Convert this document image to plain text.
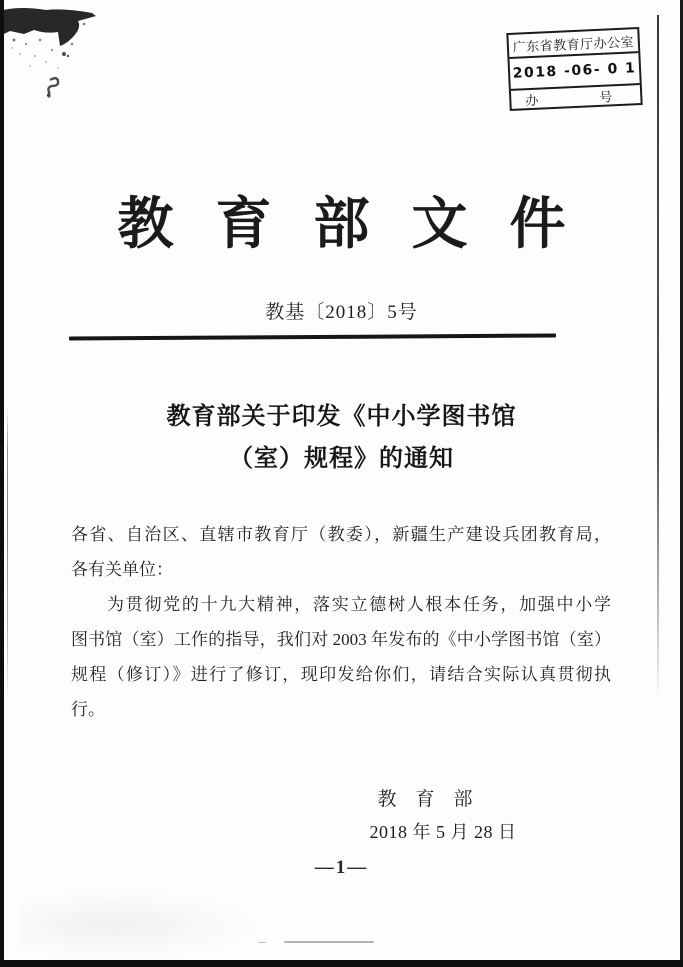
广东省教育厅办公室
2018 -06- 0 1
办	号
教育部文件
教基〔2018〕5号
教育部关于印发《中小学图书馆
（室）规程》的通知
各省、自治区、直辖市教育厅（教委），新疆生产建设兵团教育局，
各有关单位：
为贯彻党的十九大精神，落实立德树人根本任务，加强中小学
图书馆（室）工作的指导，我们对 2003 年发布的《中小学图书馆（室）
规程（修订）》进行了修订，现印发给你们，请结合实际认真贯彻执
行。
教　育　部
2018 年 5 月 28 日
—1—
